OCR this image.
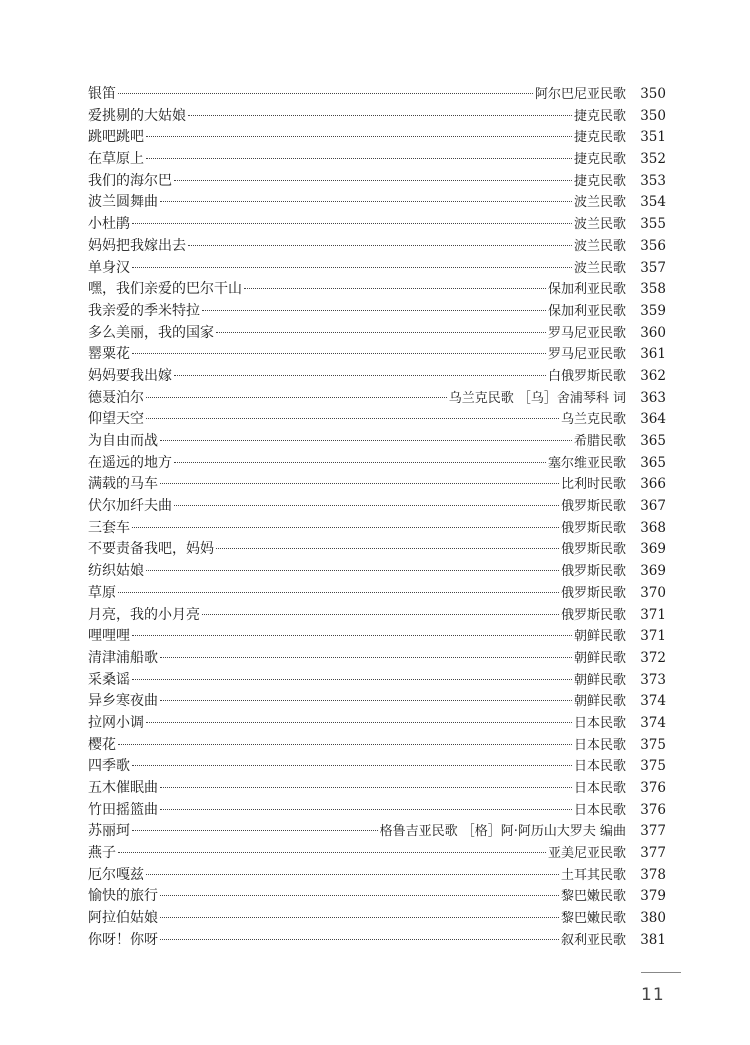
银笛	阿尔巴尼亚民歌	350
爱挑剔的大姑娘	捷克民歌	350
跳吧跳吧	捷克民歌	351
在草原上	捷克民歌	352
我们的海尔巴	捷克民歌	353
波兰圆舞曲	波兰民歌	354
小杜鹃	波兰民歌	355
妈妈把我嫁出去	波兰民歌	356
单身汉	波兰民歌	357
嘿，我们亲爱的巴尔干山	保加利亚民歌	358
我亲爱的季米特拉	保加利亚民歌	359
多么美丽，我的国家	罗马尼亚民歌	360
罂粟花	罗马尼亚民歌	361
妈妈要我出嫁	白俄罗斯民歌	362
德聂泊尔	乌兰克民歌 ［乌］舍浦琴科 词	363
仰望天空	乌兰克民歌	364
为自由而战	希腊民歌	365
在遥远的地方	塞尔维亚民歌	365
满载的马车	比利时民歌	366
伏尔加纤夫曲	俄罗斯民歌	367
三套车	俄罗斯民歌	368
不要责备我吧，妈妈	俄罗斯民歌	369
纺织姑娘	俄罗斯民歌	369
草原	俄罗斯民歌	370
月亮，我的小月亮	俄罗斯民歌	371
哩哩哩	朝鲜民歌	371
清津浦船歌	朝鲜民歌	372
采桑谣	朝鲜民歌	373
异乡寒夜曲	朝鲜民歌	374
拉网小调	日本民歌	374
樱花	日本民歌	375
四季歌	日本民歌	375
五木催眠曲	日本民歌	376
竹田摇篮曲	日本民歌	376
苏丽珂	格鲁吉亚民歌 ［格］阿·阿历山大罗夫 编曲	377
燕子	亚美尼亚民歌	377
厄尔嘎兹	土耳其民歌	378
愉快的旅行	黎巴嫩民歌	379
阿拉伯姑娘	黎巴嫩民歌	380
你呀！你呀	叙利亚民歌	381
11
